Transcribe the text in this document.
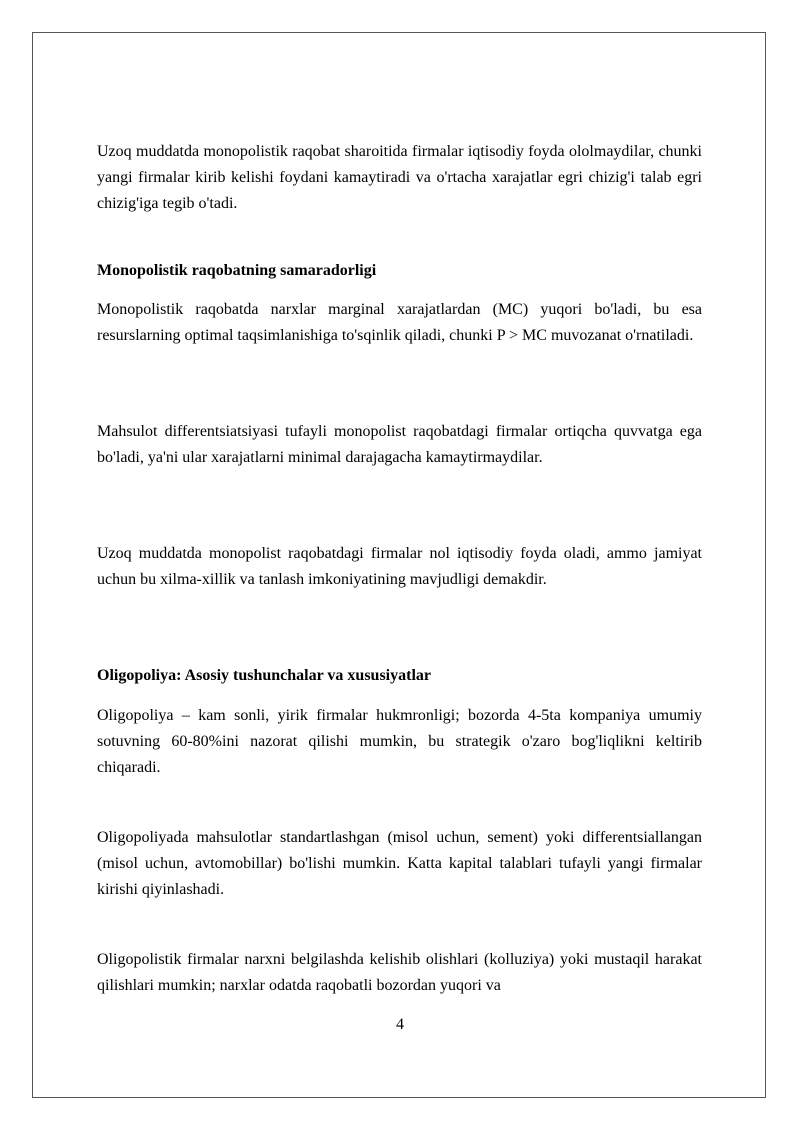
Uzoq muddatda monopolistik raqobat sharoitida firmalar iqtisodiy foyda ololmaydilar, chunki yangi firmalar kirib kelishi foydani kamaytiradi va o'rtacha xarajatlar egri chizig'i talab egri chizig'iga tegib o'tadi.

Monopolistik raqobatning samaradorligi

Monopolistik raqobatda narxlar marginal xarajatlardan (MC) yuqori bo'ladi, bu esa resurslarning optimal taqsimlanishiga to'sqinlik qiladi, chunki P > MC muvozanat o'rnatiladi.

Mahsulot differentsiatsiyasi tufayli monopolist raqobatdagi firmalar ortiqcha quvvatga ega bo'ladi, ya'ni ular xarajatlarni minimal darajagacha kamaytirmaydilar.

Uzoq muddatda monopolist raqobatdagi firmalar nol iqtisodiy foyda oladi, ammo jamiyat uchun bu xilma-xillik va tanlash imkoniyatining mavjudligi demakdir.

Oligopoliya: Asosiy tushunchalar va xususiyatlar

Oligopoliya – kam sonli, yirik firmalar hukmronligi; bozorda 4-5ta kompaniya umumiy sotuvning 60-80%ini nazorat qilishi mumkin, bu strategik o'zaro bog'liqlikni keltirib chiqaradi.

Oligopoliyada mahsulotlar standartlashgan (misol uchun, sement) yoki differentsiallangan (misol uchun, avtomobillar) bo'lishi mumkin. Katta kapital talablari tufayli yangi firmalar kirishi qiyinlashadi.

Oligopolistik firmalar narxni belgilashda kelishib olishlari (kolluziya) yoki mustaqil harakat qilishlari mumkin; narxlar odatda raqobatli bozordan yuqori va

4
